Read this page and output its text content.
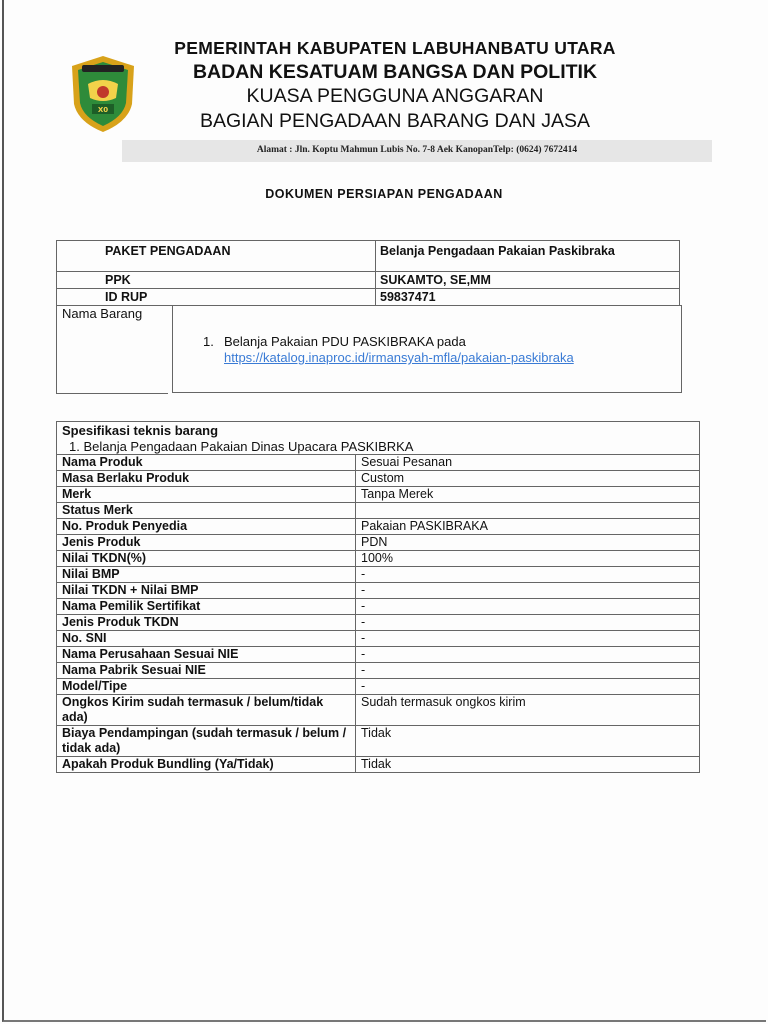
X0
PEMERINTAH KABUPATEN LABUHANBATU UTARA
BADAN KESATUAM BANGSA DAN POLITIK
KUASA PENGGUNA ANGGARAN
BAGIAN PENGADAAN BARANG DAN JASA
Alamat : Jln. Koptu Mahmun Lubis No. 7-8 Aek KanopanTelp: (0624) 7672414
DOKUMEN PERSIAPAN PENGADAAN
PAKET PENGADAAN	Belanja Pengadaan Pakaian Paskibraka
PPK	SUKAMTO, SE,MM
ID RUP	59837471
Nama Barang
1. Belanja Pakaian PDU PASKIBRAKA pada
https://katalog.inaproc.id/irmansyah-mfla/pakaian-paskibraka
Spesifikasi teknis barang
1. Belanja Pengadaan Pakaian Dinas Upacara PASKIBRKA
Nama Produk	Sesuai Pesanan
Masa Berlaku Produk	Custom
Merk	Tanpa Merek
Status Merk	
No. Produk Penyedia	Pakaian PASKIBRAKA
Jenis Produk	PDN
Nilai TKDN(%)	100%
Nilai BMP	-
Nilai TKDN + Nilai BMP	-
Nama Pemilik Sertifikat	-
Jenis Produk TKDN	-
No. SNI	-
Nama Perusahaan Sesuai NIE	-
Nama Pabrik Sesuai NIE	-
Model/Tipe	-
Ongkos Kirim sudah termasuk / belum/tidak ada)	Sudah termasuk ongkos kirim
Biaya Pendampingan (sudah termasuk / belum / tidak ada)	Tidak
Apakah Produk Bundling (Ya/Tidak)	Tidak
